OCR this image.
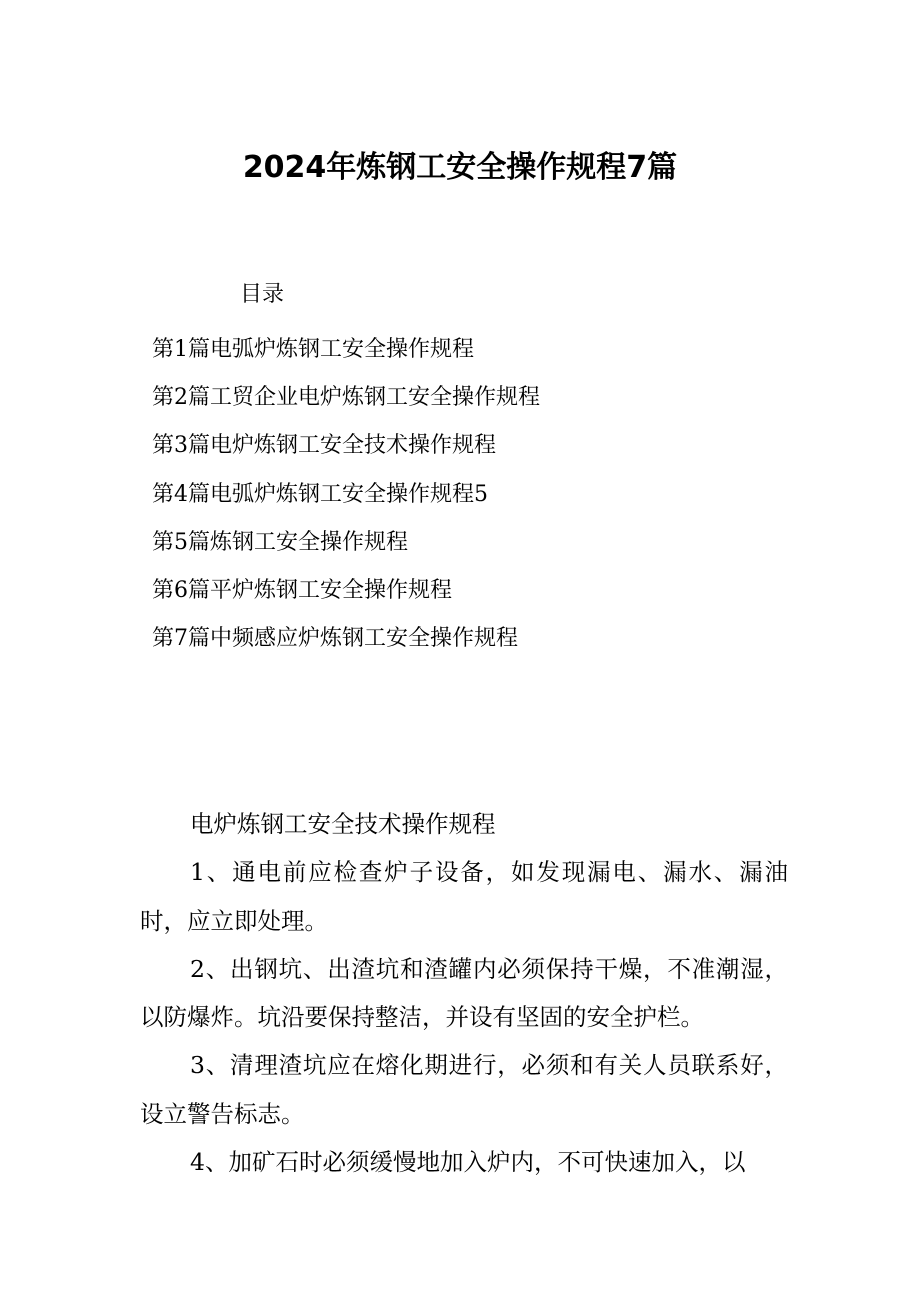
2024年炼钢工安全操作规程7篇
目录
第1篇电弧炉炼钢工安全操作规程
第2篇工贸企业电炉炼钢工安全操作规程
第3篇电炉炼钢工安全技术操作规程
第4篇电弧炉炼钢工安全操作规程5
第5篇炼钢工安全操作规程
第6篇平炉炼钢工安全操作规程
第7篇中频感应炉炼钢工安全操作规程

电炉炼钢工安全技术操作规程

1、通电前应检查炉子设备，如发现漏电、漏水、漏油时，应立即处理。

2、出钢坑、出渣坑和渣罐内必须保持干燥，不准潮湿，以防爆炸。坑沿要保持整洁，并设有坚固的安全护栏。

3、清理渣坑应在熔化期进行，必须和有关人员联系好，设立警告标志。

4、加矿石时必须缓慢地加入炉内，不可快速加入，以
